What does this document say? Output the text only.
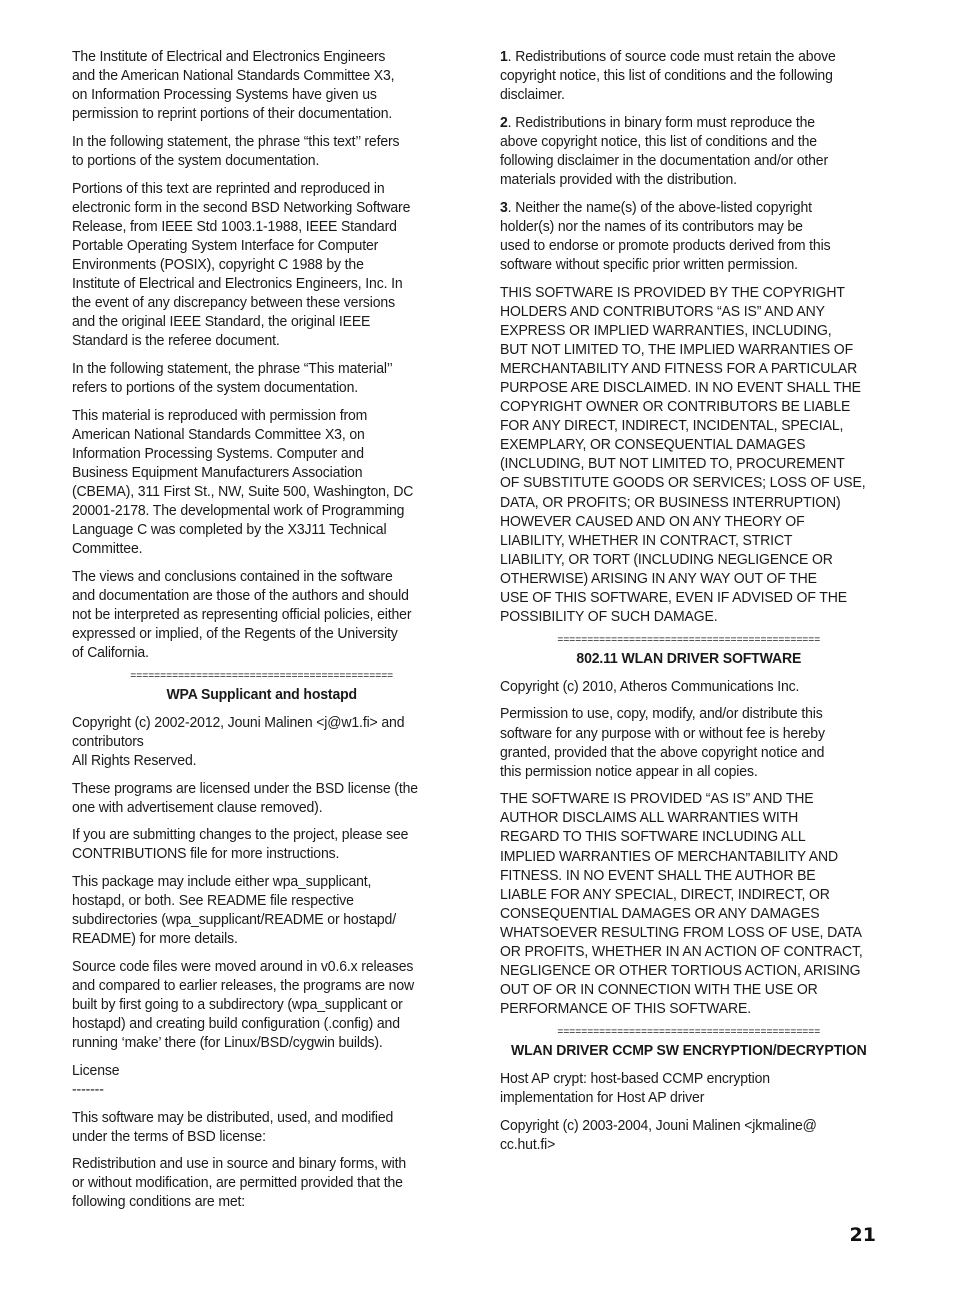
The Institute of Electrical and Electronics Engineers
and the American National Standards Committee X3,
on Information Processing Systems have given us
permission to reprint portions of their documentation.

In the following statement, the phrase “this text’’ refers
to portions of the system documentation.

Portions of this text are reprinted and reproduced in
electronic form in the second BSD Networking Software
Release, from IEEE Std 1003.1-1988, IEEE Standard
Portable Operating System Interface for Computer
Environments (POSIX), copyright C 1988 by the
Institute of Electrical and Electronics Engineers, Inc. In
the event of any discrepancy between these versions
and the original IEEE Standard, the original IEEE
Standard is the referee document.

In the following statement, the phrase “This material’’
refers to portions of the system documentation.

This material is reproduced with permission from
American National Standards Committee X3, on
Information Processing Systems. Computer and
Business Equipment Manufacturers Association
(CBEMA), 311 First St., NW, Suite 500, Washington, DC
20001-2178. The developmental work of Programming
Language C was completed by the X3J11 Technical
Committee.

The views and conclusions contained in the software
and documentation are those of the authors and should
not be interpreted as representing official policies, either
expressed or implied, of the Regents of the University
of California.

============================================
WPA Supplicant and hostapd

Copyright (c) 2002-2012, Jouni Malinen <j@w1.fi> and
contributors
All Rights Reserved.

These programs are licensed under the BSD license (the
one with advertisement clause removed).

If you are submitting changes to the project, please see
CONTRIBUTIONS file for more instructions.

This package may include either wpa_supplicant,
hostapd, or both. See README file respective
subdirectories (wpa_supplicant/README or hostapd/
README) for more details.

Source code files were moved around in v0.6.x releases
and compared to earlier releases, the programs are now
built by first going to a subdirectory (wpa_supplicant or
hostapd) and creating build configuration (.config) and
running ‘make’ there (for Linux/BSD/cygwin builds).

License
-------

This software may be distributed, used, and modified
under the terms of BSD license:

Redistribution and use in source and binary forms, with
or without modification, are permitted provided that the
following conditions are met:

1. Redistributions of source code must retain the above
copyright notice, this list of conditions and the following
disclaimer.

2. Redistributions in binary form must reproduce the
above copyright notice, this list of conditions and the
following disclaimer in the documentation and/or other
materials provided with the distribution.

3. Neither the name(s) of the above-listed copyright
holder(s) nor the names of its contributors may be
used to endorse or promote products derived from this
software without specific prior written permission.

THIS SOFTWARE IS PROVIDED BY THE COPYRIGHT
HOLDERS AND CONTRIBUTORS “AS IS” AND ANY
EXPRESS OR IMPLIED WARRANTIES, INCLUDING,
BUT NOT LIMITED TO, THE IMPLIED WARRANTIES OF
MERCHANTABILITY AND FITNESS FOR A PARTICULAR
PURPOSE ARE DISCLAIMED. IN NO EVENT SHALL THE
COPYRIGHT OWNER OR CONTRIBUTORS BE LIABLE
FOR ANY DIRECT, INDIRECT, INCIDENTAL, SPECIAL,
EXEMPLARY, OR CONSEQUENTIAL DAMAGES
(INCLUDING, BUT NOT LIMITED TO, PROCUREMENT
OF SUBSTITUTE GOODS OR SERVICES; LOSS OF USE,
DATA, OR PROFITS; OR BUSINESS INTERRUPTION)
HOWEVER CAUSED AND ON ANY THEORY OF
LIABILITY, WHETHER IN CONTRACT, STRICT
LIABILITY, OR TORT (INCLUDING NEGLIGENCE OR
OTHERWISE) ARISING IN ANY WAY OUT OF THE
USE OF THIS SOFTWARE, EVEN IF ADVISED OF THE
POSSIBILITY OF SUCH DAMAGE.

============================================
802.11 WLAN DRIVER SOFTWARE

Copyright (c) 2010, Atheros Communications Inc.

Permission to use, copy, modify, and/or distribute this
software for any purpose with or without fee is hereby
granted, provided that the above copyright notice and
this permission notice appear in all copies.

THE SOFTWARE IS PROVIDED “AS IS” AND THE
AUTHOR DISCLAIMS ALL WARRANTIES WITH
REGARD TO THIS SOFTWARE INCLUDING ALL
IMPLIED WARRANTIES OF MERCHANTABILITY AND
FITNESS. IN NO EVENT SHALL THE AUTHOR BE
LIABLE FOR ANY SPECIAL, DIRECT, INDIRECT, OR
CONSEQUENTIAL DAMAGES OR ANY DAMAGES
WHATSOEVER RESULTING FROM LOSS OF USE, DATA
OR PROFITS, WHETHER IN AN ACTION OF CONTRACT,
NEGLIGENCE OR OTHER TORTIOUS ACTION, ARISING
OUT OF OR IN CONNECTION WITH THE USE OR
PERFORMANCE OF THIS SOFTWARE.

============================================
WLAN DRIVER CCMP SW ENCRYPTION/DECRYPTION

Host AP crypt: host-based CCMP encryption
implementation for Host AP driver

Copyright (c) 2003-2004, Jouni Malinen <jkmaline@
cc.hut.fi>

21
